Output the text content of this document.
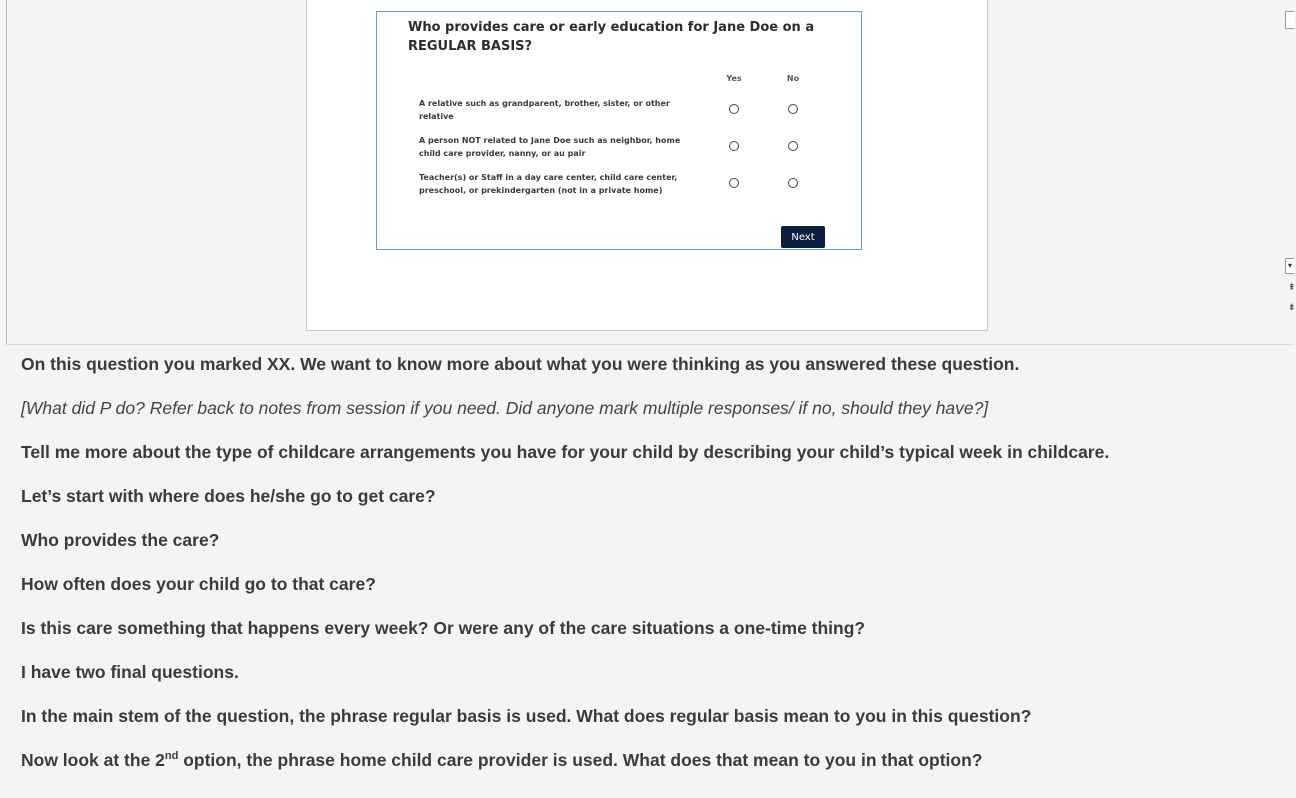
Who provides care or early education for Jane Doe on a REGULAR BASIS?
Yes	No
A relative such as grandparent, brother, sister, or other relative
A person NOT related to Jane Doe such as neighbor, home child care provider, nanny, or au pair
Teacher(s) or Staff in a day care center, child care center, preschool, or prekindergarten (not in a private home)
Next
▾
⇞
⇟
On this question you marked XX. We want to know more about what you were thinking as you answered these question.
[What did P do? Refer back to notes from session if you need. Did anyone mark multiple responses/ if no, should they have?]
Tell me more about the type of childcare arrangements you have for your child by describing your child’s typical week in childcare.
Let’s start with where does he/she go to get care?
Who provides the care?
How often does your child go to that care?
Is this care something that happens every week? Or were any of the care situations a one-time thing?
I have two final questions.
In the main stem of the question, the phrase regular basis is used. What does regular basis mean to you in this question?
Now look at the 2nd option, the phrase home child care provider is used. What does that mean to you in that option?
